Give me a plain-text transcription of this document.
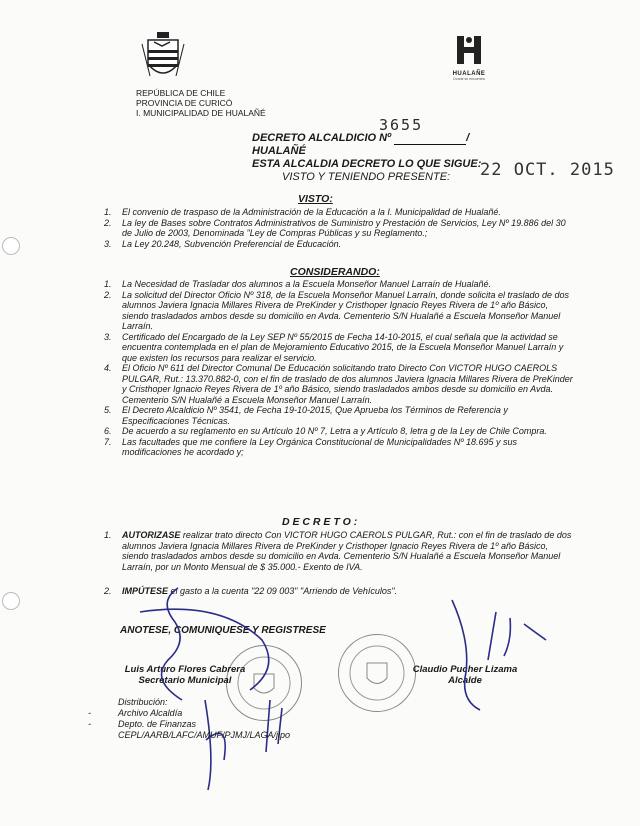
REPÚBLICA DE CHILE
PROVINCIA DE CURICÓ
I. MUNICIPALIDAD DE HUALAÑÉ
HUALAÑE
Donde se encuentra
DECRETO ALCALDICIO Nº	/
HUALAÑÉ
ESTA ALCALDIA DECRETO LO QUE SIGUE:
VISTO Y TENIENDO PRESENTE:
3655
22 OCT. 2015
VISTO:
1.	El convenio de traspaso de la Administración de la Educación a la I. Municipalidad de Hualañé.
2.	La ley de Bases sobre Contratos Administrativos de Suministro y Prestación de Servicios, Ley Nº 19.886 del 30 de Julio de 2003, Denominada "Ley de Compras Públicas y su Reglamento.;
3.	La Ley 20.248, Subvención Preferencial de Educación.
CONSIDERANDO:
1.	La Necesidad de Trasladar dos alumnos a la Escuela Monseñor Manuel Larraín de Hualañé.
2.	La solicitud del Director Oficio Nº 318, de la Escuela Monseñor Manuel Larraín, donde solicita el traslado de dos alumnos Javiera Ignacia Millares Rivera de PreKinder y Cristhoper Ignacio Reyes Rivera de 1º año Básico, siendo trasladados ambos desde su domicilio en Avda. Cementerio S/N Hualañé a Escuela Monseñor Manuel Larraín.
3.	Certificado del Encargado de la Ley SEP Nº 55/2015 de Fecha 14-10-2015, el cual señala que la actividad se encuentra contemplada en el plan de Mejoramiento Educativo 2015, de la Escuela Monseñor Manuel Larraín y que existen los recursos para realizar el servicio.
4.	El Oficio Nº 611 del Director Comunal De Educación solicitando trato Directo Con VICTOR HUGO CAEROLS PULGAR, Rut.: 13.370.882-0, con el fin de traslado de dos alumnos Javiera Ignacia Millares Rivera de PreKinder y Cristhoper Ignacio Reyes Rivera de 1º año Básico, siendo trasladados ambos desde su domicilio en Avda. Cementerio S/N Hualañé a Escuela Monseñor Manuel Larraín.
5.	El Decreto Alcaldicio Nº 3541, de Fecha 19-10-2015, Que Aprueba los Términos de Referencia y Especificaciones Técnicas.
6.	De acuerdo a su reglamento en su Artículo 10 Nº 7, Letra a y Artículo 8, letra g de la Ley de Chile Compra.
7.	Las facultades que me confiere la Ley Orgánica Constitucional de Municipalidades Nº 18.695 y sus modificaciones he acordado y;
D E C R E T O :
1.	AUTORIZASE realizar trato directo Con VICTOR HUGO CAEROLS PULGAR, Rut.: con el fin de traslado de dos alumnos Javiera Ignacia Millares Rivera de PreKinder y Cristhoper Ignacio Reyes Rivera de 1º año Básico, siendo trasladados ambos desde su domicilio en Avda. Cementerio S/N Hualañé a Escuela Monseñor Manuel Larraín, por un Monto Mensual de $ 35.000.- Exento de IVA.
2.	IMPÚTESE el gasto a la cuenta "22 09 003" "Arriendo de Vehículos".
ANOTESE, COMUNIQUESE Y REGISTRESE
Luis Arturo Flores Cabrera
Secretario Municipal
Claudio Pucher Lizama
Alcalde
Distribución:
-	Archivo Alcaldía
-	Depto. de Finanzas
CEPL/AARB/LAFC/AMUF/PJMJ/LAGA/jlpo
